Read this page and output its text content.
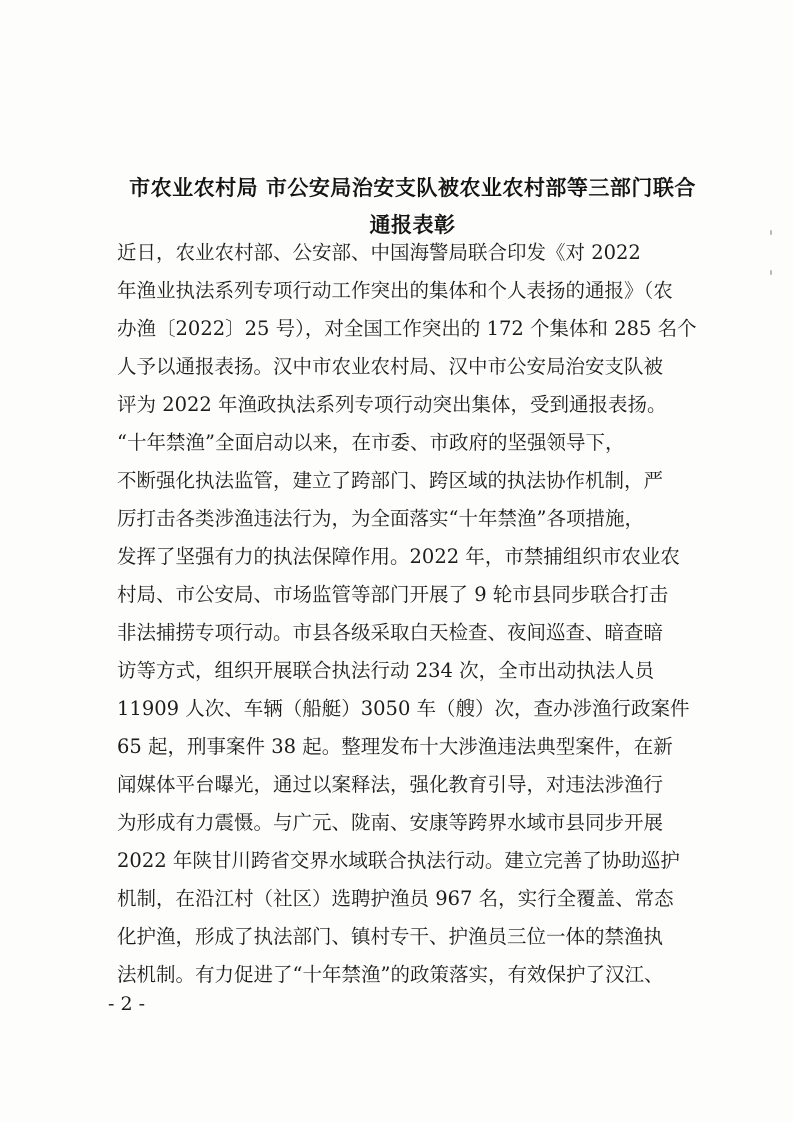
市农业农村局 市公安局治安支队被农业农村部等三部门联合
通报表彰
近日，农业农村部、公安部、中国海警局联合印发《对 2022
年渔业执法系列专项行动工作突出的集体和个人表扬的通报》（农
办渔〔2022〕25 号），对全国工作突出的 172 个集体和 285 名个
人予以通报表扬。汉中市农业农村局、汉中市公安局治安支队被
评为 2022 年渔政执法系列专项行动突出集体，受到通报表扬。
“十年禁渔”全面启动以来，在市委、市政府的坚强领导下，
不断强化执法监管，建立了跨部门、跨区域的执法协作机制，严
厉打击各类涉渔违法行为，为全面落实“十年禁渔”各项措施，
发挥了坚强有力的执法保障作用。2022 年，市禁捕组织市农业农
村局、市公安局、市场监管等部门开展了 9 轮市县同步联合打击
非法捕捞专项行动。市县各级采取白天检查、夜间巡查、暗查暗
访等方式，组织开展联合执法行动 234 次，全市出动执法人员
11909 人次、车辆（船艇）3050 车（艘）次，查办涉渔行政案件
65 起，刑事案件 38 起。整理发布十大涉渔违法典型案件，在新
闻媒体平台曝光，通过以案释法，强化教育引导，对违法涉渔行
为形成有力震慑。与广元、陇南、安康等跨界水域市县同步开展
2022 年陕甘川跨省交界水域联合执法行动。建立完善了协助巡护
机制，在沿江村（社区）选聘护渔员 967 名，实行全覆盖、常态
化护渔，形成了执法部门、镇村专干、护渔员三位一体的禁渔执
法机制。有力促进了“十年禁渔”的政策落实，有效保护了汉江、
- 2 -
